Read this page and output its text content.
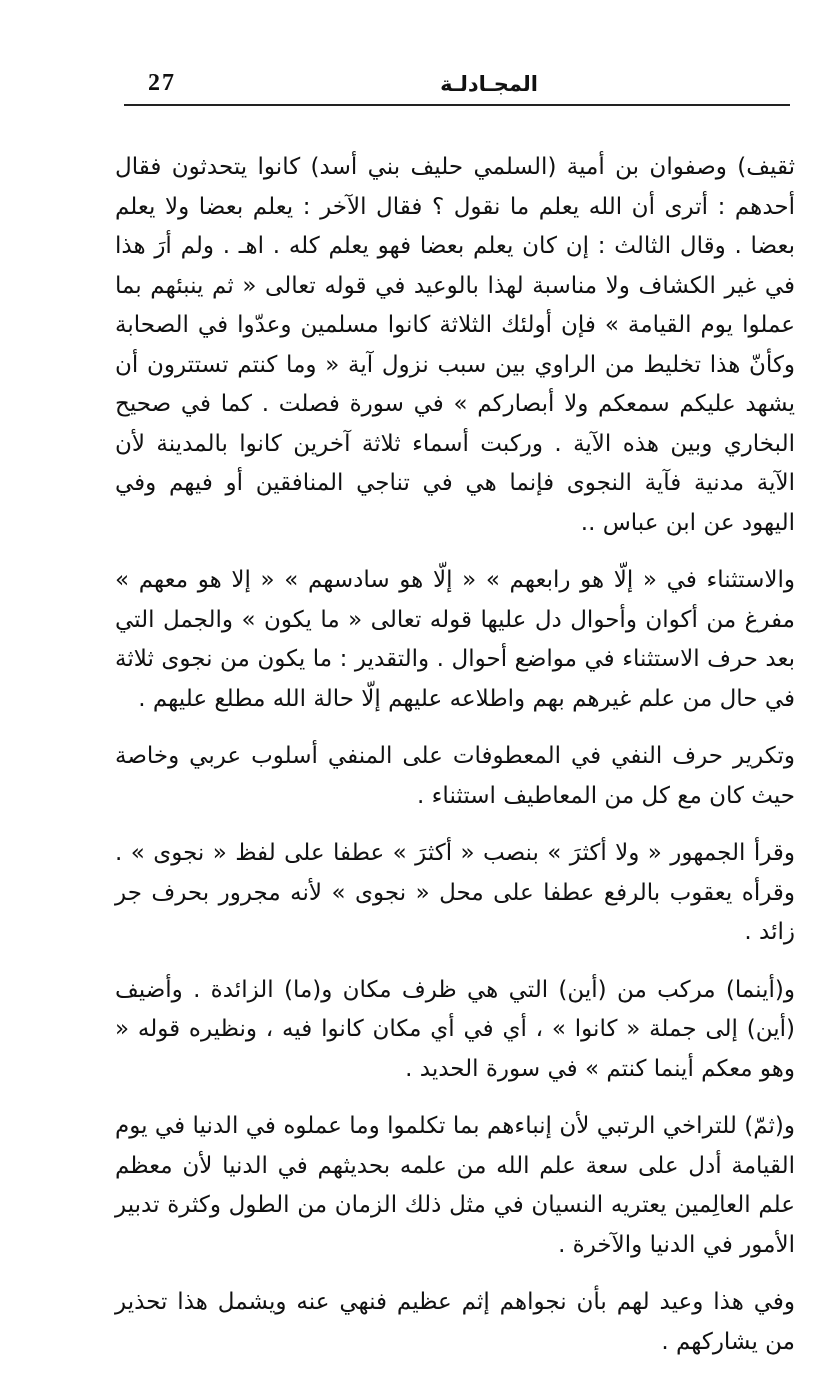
27	المجـادلـة

ثقيف) وصفوان بن أمية (السلمي حليف بني أسد) كانوا يتحدثون فقال أحدهم : أترى أن الله يعلم ما نقول ؟ فقال الآخر : يعلم بعضا ولا يعلم بعضا . وقال الثالث : إن كان يعلم بعضا فهو يعلم كله . اهـ . ولم أرَ هذا في غير الكشاف ولا مناسبة لهذا بالوعيد في قوله تعالى « ثم ينبئهم بما عملوا يوم القيامة » فإن أولئك الثلاثة كانوا مسلمين وعدّوا في الصحابة وكأنّ هذا تخليط من الراوي بين سبب نزول آية « وما كنتم تستترون أن يشهد عليكم سمعكم ولا أبصاركم » في سورة فصلت . كما في صحيح البخاري وبين هذه الآية . وركبت أسماء ثلاثة آخرين كانوا بالمدينة لأن الآية مدنية فآية النجوى فإنما هي في تناجي المنافقين أو فيهم وفي اليهود عن ابن عباس ..

والاستثناء في « إلّا هو رابعهم » « إلّا هو سادسهم » « إلا هو معهم » مفرغ من أكوان وأحوال دل عليها قوله تعالى « ما يكون » والجمل التي بعد حرف الاستثناء في مواضع أحوال . والتقدير : ما يكون من نجوى ثلاثة في حال من علم غيرهم بهم واطلاعه عليهم إلّا حالة الله مطلع عليهم .

وتكرير حرف النفي في المعطوفات على المنفي أسلوب عربي وخاصة حيث كان مع كل من المعاطيف استثناء .

وقرأ الجمهور « ولا أكثرَ » بنصب « أكثرَ » عطفا على لفظ « نجوى » . وقرأه يعقوب بالرفع عطفا على محل « نجوى » لأنه مجرور بحرف جر زائد .

و(أينما) مركب من (أين) التي هي ظرف مكان و(ما) الزائدة . وأضيف (أين) إلى جملة « كانوا » ، أي في أي مكان كانوا فيه ، ونظيره قوله « وهو معكم أينما كنتم » في سورة الحديد .

و(ثمّ) للتراخي الرتبي لأن إنباءهم بما تكلموا وما عملوه في الدنيا في يوم القيامة أدل على سعة علم الله من علمه بحديثهم في الدنيا لأن معظم علم العالِمين يعتريه النسيان في مثل ذلك الزمان من الطول وكثرة تدبير الأمور في الدنيا والآخرة .

وفي هذا وعيد لهم بأن نجواهم إثم عظيم فنهي عنه ويشمل هذا تحذير من يشاركهم .
